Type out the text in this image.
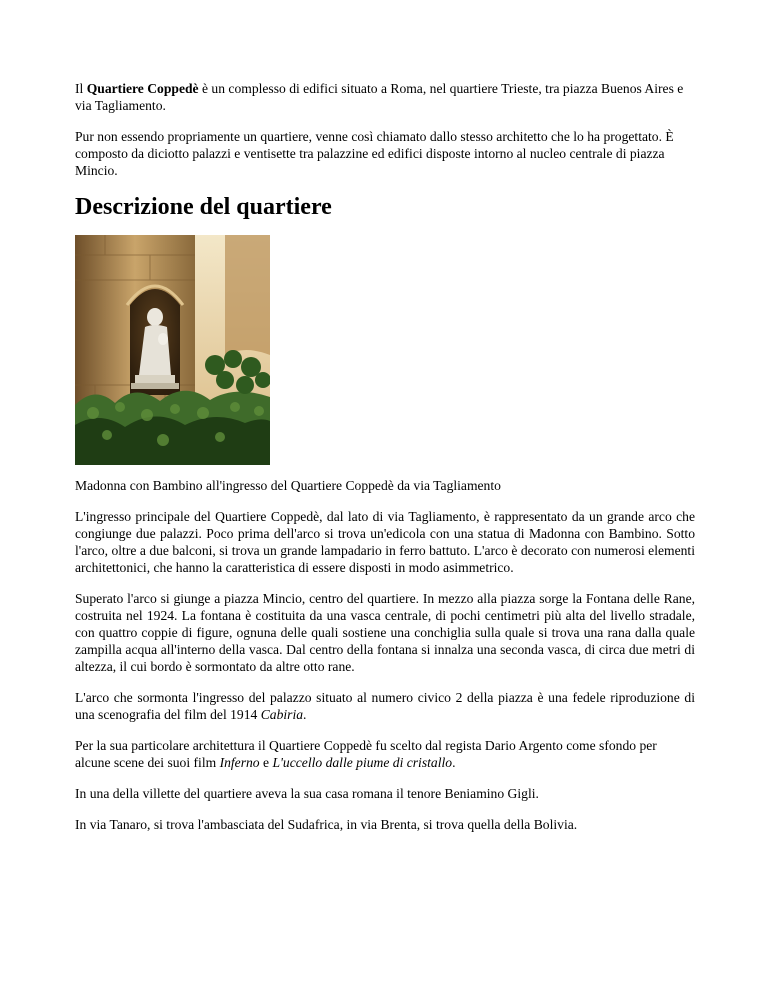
Il Quartiere Coppedè è un complesso di edifici situato a Roma, nel quartiere Trieste, tra piazza Buenos Aires e via Tagliamento.

Pur non essendo propriamente un quartiere, venne così chiamato dallo stesso architetto che lo ha progettato. È composto da diciotto palazzi e ventisette tra palazzine ed edifici disposte intorno al nucleo centrale di piazza Mincio.

Descrizione del quartiere

Madonna con Bambino all'ingresso del Quartiere Coppedè da via Tagliamento

L'ingresso principale del Quartiere Coppedè, dal lato di via Tagliamento, è rappresentato da un grande arco che congiunge due palazzi. Poco prima dell'arco si trova un'edicola con una statua di Madonna con Bambino. Sotto l'arco, oltre a due balconi, si trova un grande lampadario in ferro battuto. L'arco è decorato con numerosi elementi architettonici, che hanno la caratteristica di essere disposti in modo asimmetrico.

Superato l'arco si giunge a piazza Mincio, centro del quartiere. In mezzo alla piazza sorge la Fontana delle Rane, costruita nel 1924. La fontana è costituita da una vasca centrale, di pochi centimetri più alta del livello stradale, con quattro coppie di figure, ognuna delle quali sostiene una conchiglia sulla quale si trova una rana dalla quale zampilla acqua all'interno della vasca. Dal centro della fontana si innalza una seconda vasca, di circa due metri di altezza, il cui bordo è sormontato da altre otto rane.

L'arco che sormonta l'ingresso del palazzo situato al numero civico 2 della piazza è una fedele riproduzione di una scenografia del film del 1914 Cabiria.

Per la sua particolare architettura il Quartiere Coppedè fu scelto dal regista Dario Argento come sfondo per alcune scene dei suoi film Inferno e L'uccello dalle piume di cristallo.

In una della villette del quartiere aveva la sua casa romana il tenore Beniamino Gigli.

In via Tanaro, si trova l'ambasciata del Sudafrica, in via Brenta, si trova quella della Bolivia.
